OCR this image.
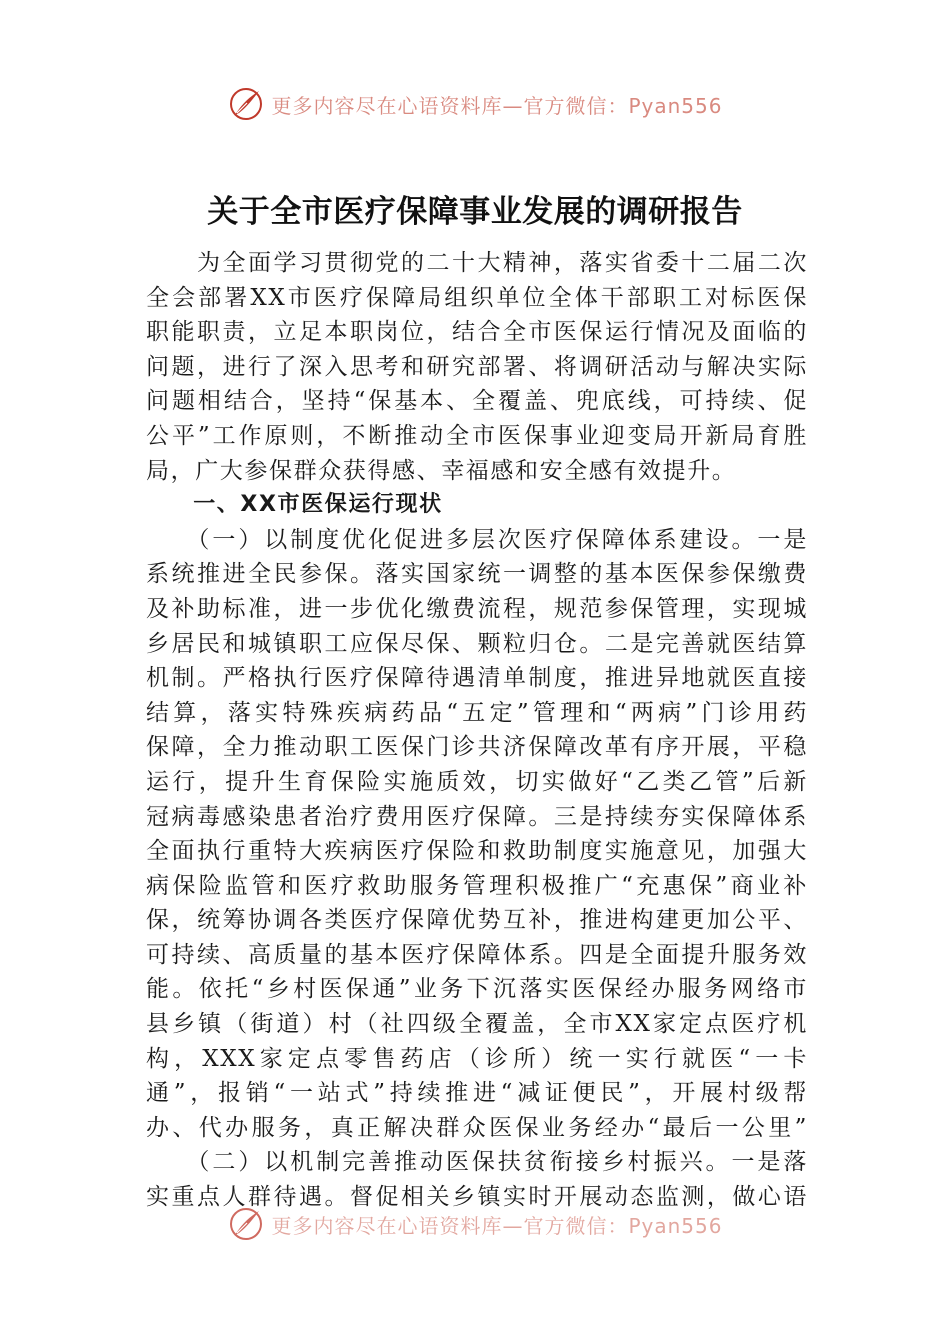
更多内容尽在心语资料库—官方微信：Pyan556
关于全市医疗保障事业发展的调研报告
　　为全面学习贯彻党的二十大精神，落实省委十二届二次
全会部署XX市医疗保障局组织单位全体干部职工对标医保
职能职责，立足本职岗位，结合全市医保运行情况及面临的
问题，进行了深入思考和研究部署、将调研活动与解决实际
问题相结合，坚持“保基本、全覆盖、兜底线，可持续、促
公平”工作原则，不断推动全市医保事业迎变局开新局育胜
局，广大参保群众获得感、幸福感和安全感有效提升。
　　一、XX市医保运行现状
　　（一）以制度优化促进多层次医疗保障体系建设。一是
系统推进全民参保。落实国家统一调整的基本医保参保缴费
及补助标准，进一步优化缴费流程，规范参保管理，实现城
乡居民和城镇职工应保尽保、颗粒归仓。二是完善就医结算
机制。严格执行医疗保障待遇清单制度，推进异地就医直接
结算，落实特殊疾病药品“五定”管理和“两病”门诊用药
保障，全力推动职工医保门诊共济保障改革有序开展，平稳
运行，提升生育保险实施质效，切实做好“乙类乙管”后新
冠病毒感染患者治疗费用医疗保障。三是持续夯实保障体系
全面执行重特大疾病医疗保险和救助制度实施意见，加强大
病保险监管和医疗救助服务管理积极推广“充惠保”商业补
保，统筹协调各类医疗保障优势互补，推进构建更加公平、
可持续、高质量的基本医疗保障体系。四是全面提升服务效
能。依托“乡村医保通”业务下沉落实医保经办服务网络市
县乡镇（街道）村（社四级全覆盖，全市XX家定点医疗机
构，XXX家定点零售药店（诊所）统一实行就医“一卡
通”，报销“一站式”持续推进“减证便民”，开展村级帮
办、代办服务，真正解决群众医保业务经办“最后一公里”
　　（二）以机制完善推动医保扶贫衔接乡村振兴。一是落
实重点人群待遇。督促相关乡镇实时开展动态监测，做心语
更多内容尽在心语资料库—官方微信：Pyan556
